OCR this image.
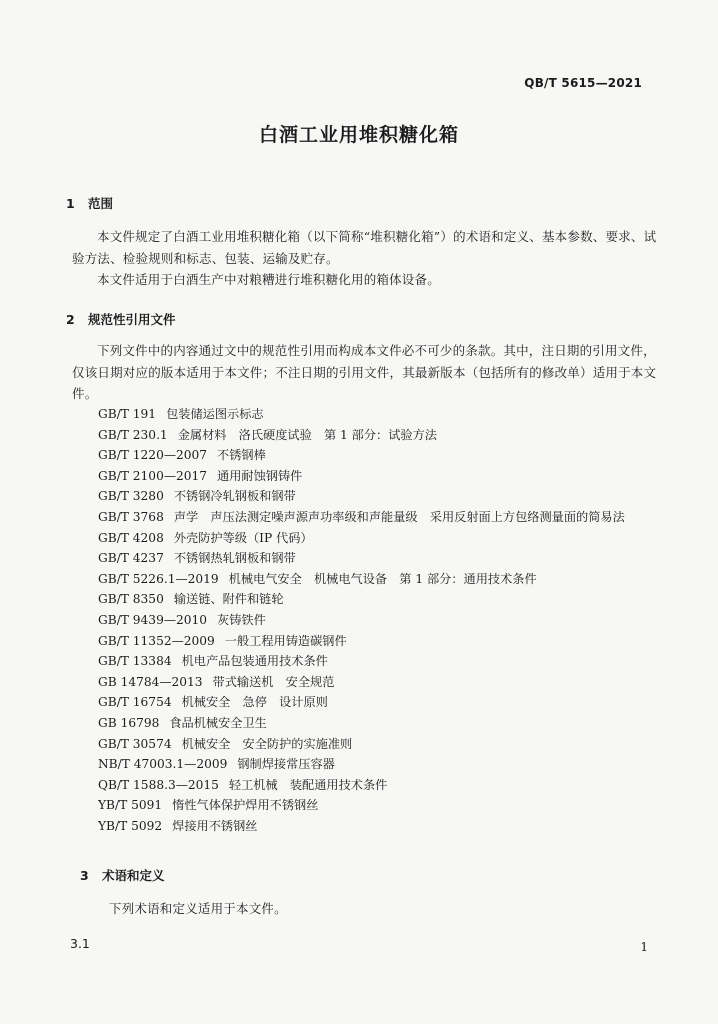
QB/T 5615—2021
白酒工业用堆积糖化箱
1 范围

本文件规定了白酒工业用堆积糖化箱（以下简称“堆积糖化箱”）的术语和定义、基本参数、要求、试验方法、检验规则和标志、包装、运输及贮存。

本文件适用于白酒生产中对粮糟进行堆积糖化用的箱体设备。

2 规范性引用文件

下列文件中的内容通过文中的规范性引用而构成本文件必不可少的条款。其中，注日期的引用文件，仅该日期对应的版本适用于本文件；不注日期的引用文件，其最新版本（包括所有的修改单）适用于本文件。

GB/T 191 包装储运图示标志
GB/T 230.1 金属材料　洛氏硬度试验　第 1 部分：试验方法
GB/T 1220—2007 不锈钢棒
GB/T 2100—2017 通用耐蚀钢铸件
GB/T 3280 不锈钢冷轧钢板和钢带
GB/T 3768 声学　声压法测定噪声源声功率级和声能量级　采用反射面上方包络测量面的简易法
GB/T 4208 外壳防护等级（IP 代码）
GB/T 4237 不锈钢热轧钢板和钢带
GB/T 5226.1—2019 机械电气安全　机械电气设备　第 1 部分：通用技术条件
GB/T 8350 输送链、附件和链轮
GB/T 9439—2010 灰铸铁件
GB/T 11352—2009 一般工程用铸造碳钢件
GB/T 13384 机电产品包装通用技术条件
GB 14784—2013 带式输送机　安全规范
GB/T 16754 机械安全　急停　设计原则
GB 16798 食品机械安全卫生
GB/T 30574 机械安全　安全防护的实施准则
NB/T 47003.1—2009 钢制焊接常压容器
QB/T 1588.3—2015 轻工机械　装配通用技术条件
YB/T 5091 惰性气体保护焊用不锈钢丝
YB/T 5092 焊接用不锈钢丝
3 术语和定义

下列术语和定义适用于本文件。

3.1	1
